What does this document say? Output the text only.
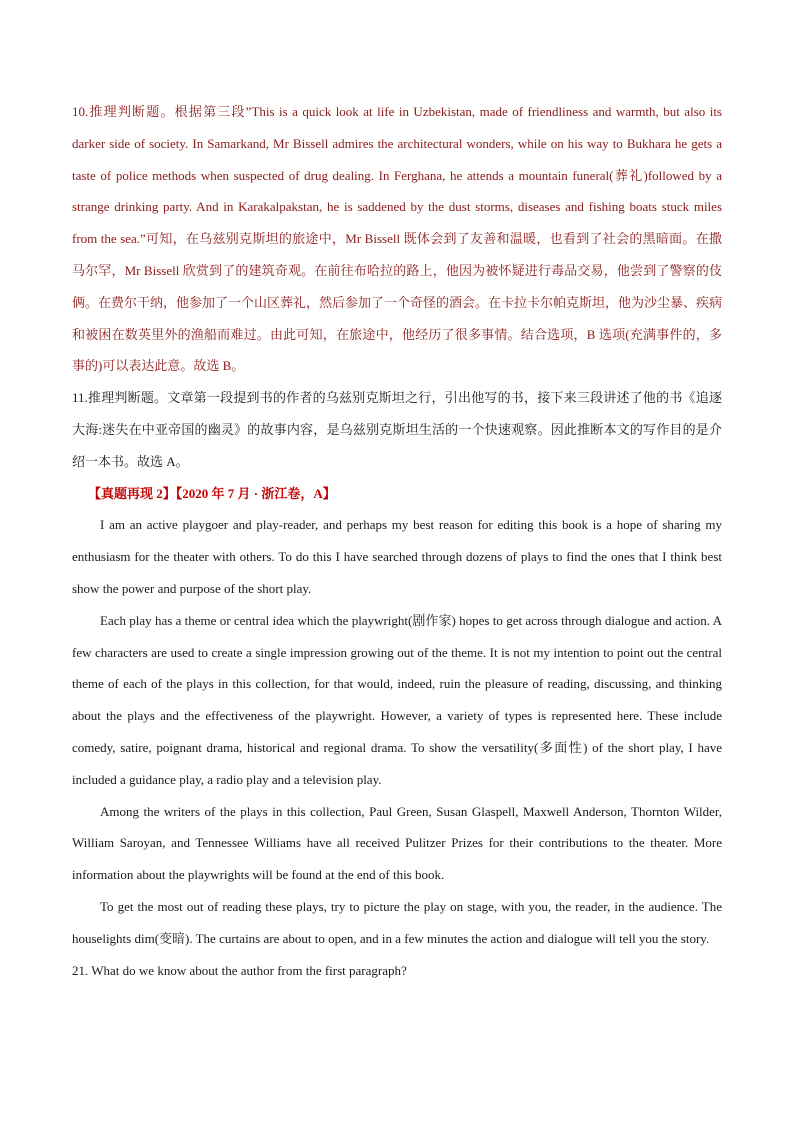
10.推理判断题。根据第三段”This is a quick look at life in Uzbekistan, made of friendliness and warmth, but also its darker side of society. In Samarkand, Mr Bissell admires the architectural wonders, while on his way to Bukhara he gets a taste of police methods when suspected of drug dealing. In Ferghana, he attends a mountain funeral(葬礼)followed by a strange drinking party. And in Karakalpakstan, he is saddened by the dust storms, diseases and fishing boats stuck miles from the sea.”可知，在乌兹别克斯坦的旅途中，Mr Bissell 既体会到了友善和温暖，也看到了社会的黑暗面。在撒马尔罕，Mr Bissell 欣赏到了的建筑奇观。在前往布哈拉的路上，他因为被怀疑进行毒品交易，他尝到了警察的伎俩。在费尔干纳，他参加了一个山区葬礼，然后参加了一个奇怪的酒会。在卡拉卡尔帕克斯坦，他为沙尘暴、疾病和被困在数英里外的渔船而难过。由此可知，在旅途中，他经历了很多事情。结合选项，B 选项(充满事件的，多事的)可以表达此意。故选 B。

11.推理判断题。文章第一段提到书的作者的乌兹别克斯坦之行，引出他写的书，接下来三段讲述了他的书《追逐大海:迷失在中亚帝国的幽灵》的故事内容，是乌兹别克斯坦生活的一个快速观察。因此推断本文的写作目的是介绍一本书。故选 A。

【真题再现 2】【2020 年 7 月 · 浙江卷，A】

I am an active playgoer and play-reader, and perhaps my best reason for editing this book is a hope of sharing my enthusiasm for the theater with others. To do this I have searched through dozens of plays to find the ones that I think best show the power and purpose of the short play.

Each play has a theme or central idea which the playwright(剧作家) hopes to get across through dialogue and action. A few characters are used to create a single impression growing out of the theme. It is not my intention to point out the central theme of each of the plays in this collection, for that would, indeed, ruin the pleasure of reading, discussing, and thinking about the plays and the effectiveness of the playwright. However, a variety of types is represented here. These include comedy, satire, poignant drama, historical and regional drama. To show the versatility(多面性) of the short play, I have included a guidance play, a radio play and a television play.

Among the writers of the plays in this collection, Paul Green, Susan Glaspell, Maxwell Anderson, Thornton Wilder, William Saroyan, and Tennessee Williams have all received Pulitzer Prizes for their contributions to the theater. More information about the playwrights will be found at the end of this book.

To get the most out of reading these plays, try to picture the play on stage, with you, the reader, in the audience. The houselights dim(变暗). The curtains are about to open, and in a few minutes the action and dialogue will tell you the story.

21. What do we know about the author from the first paragraph?
